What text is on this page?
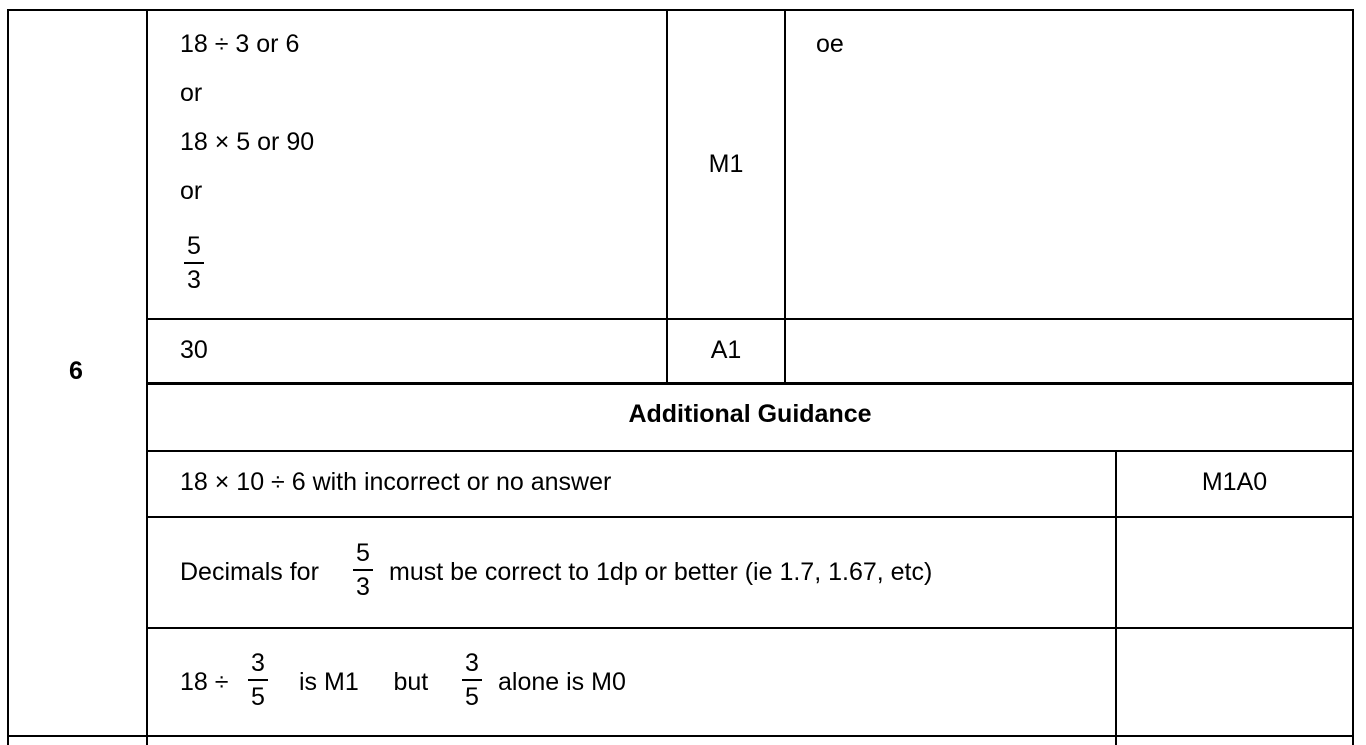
6
18 ÷ 3 or 6
or
18 × 5 or 90
or
5
3
M1
oe
30	A1
Additional Guidance
18 × 10 ÷ 6 with incorrect or no answer	M1A0
Decimals for
5
3
must be correct to 1dp or better (ie 1.7, 1.67, etc)
18 ÷
3
5
is M1     but
3
5
alone is M0
